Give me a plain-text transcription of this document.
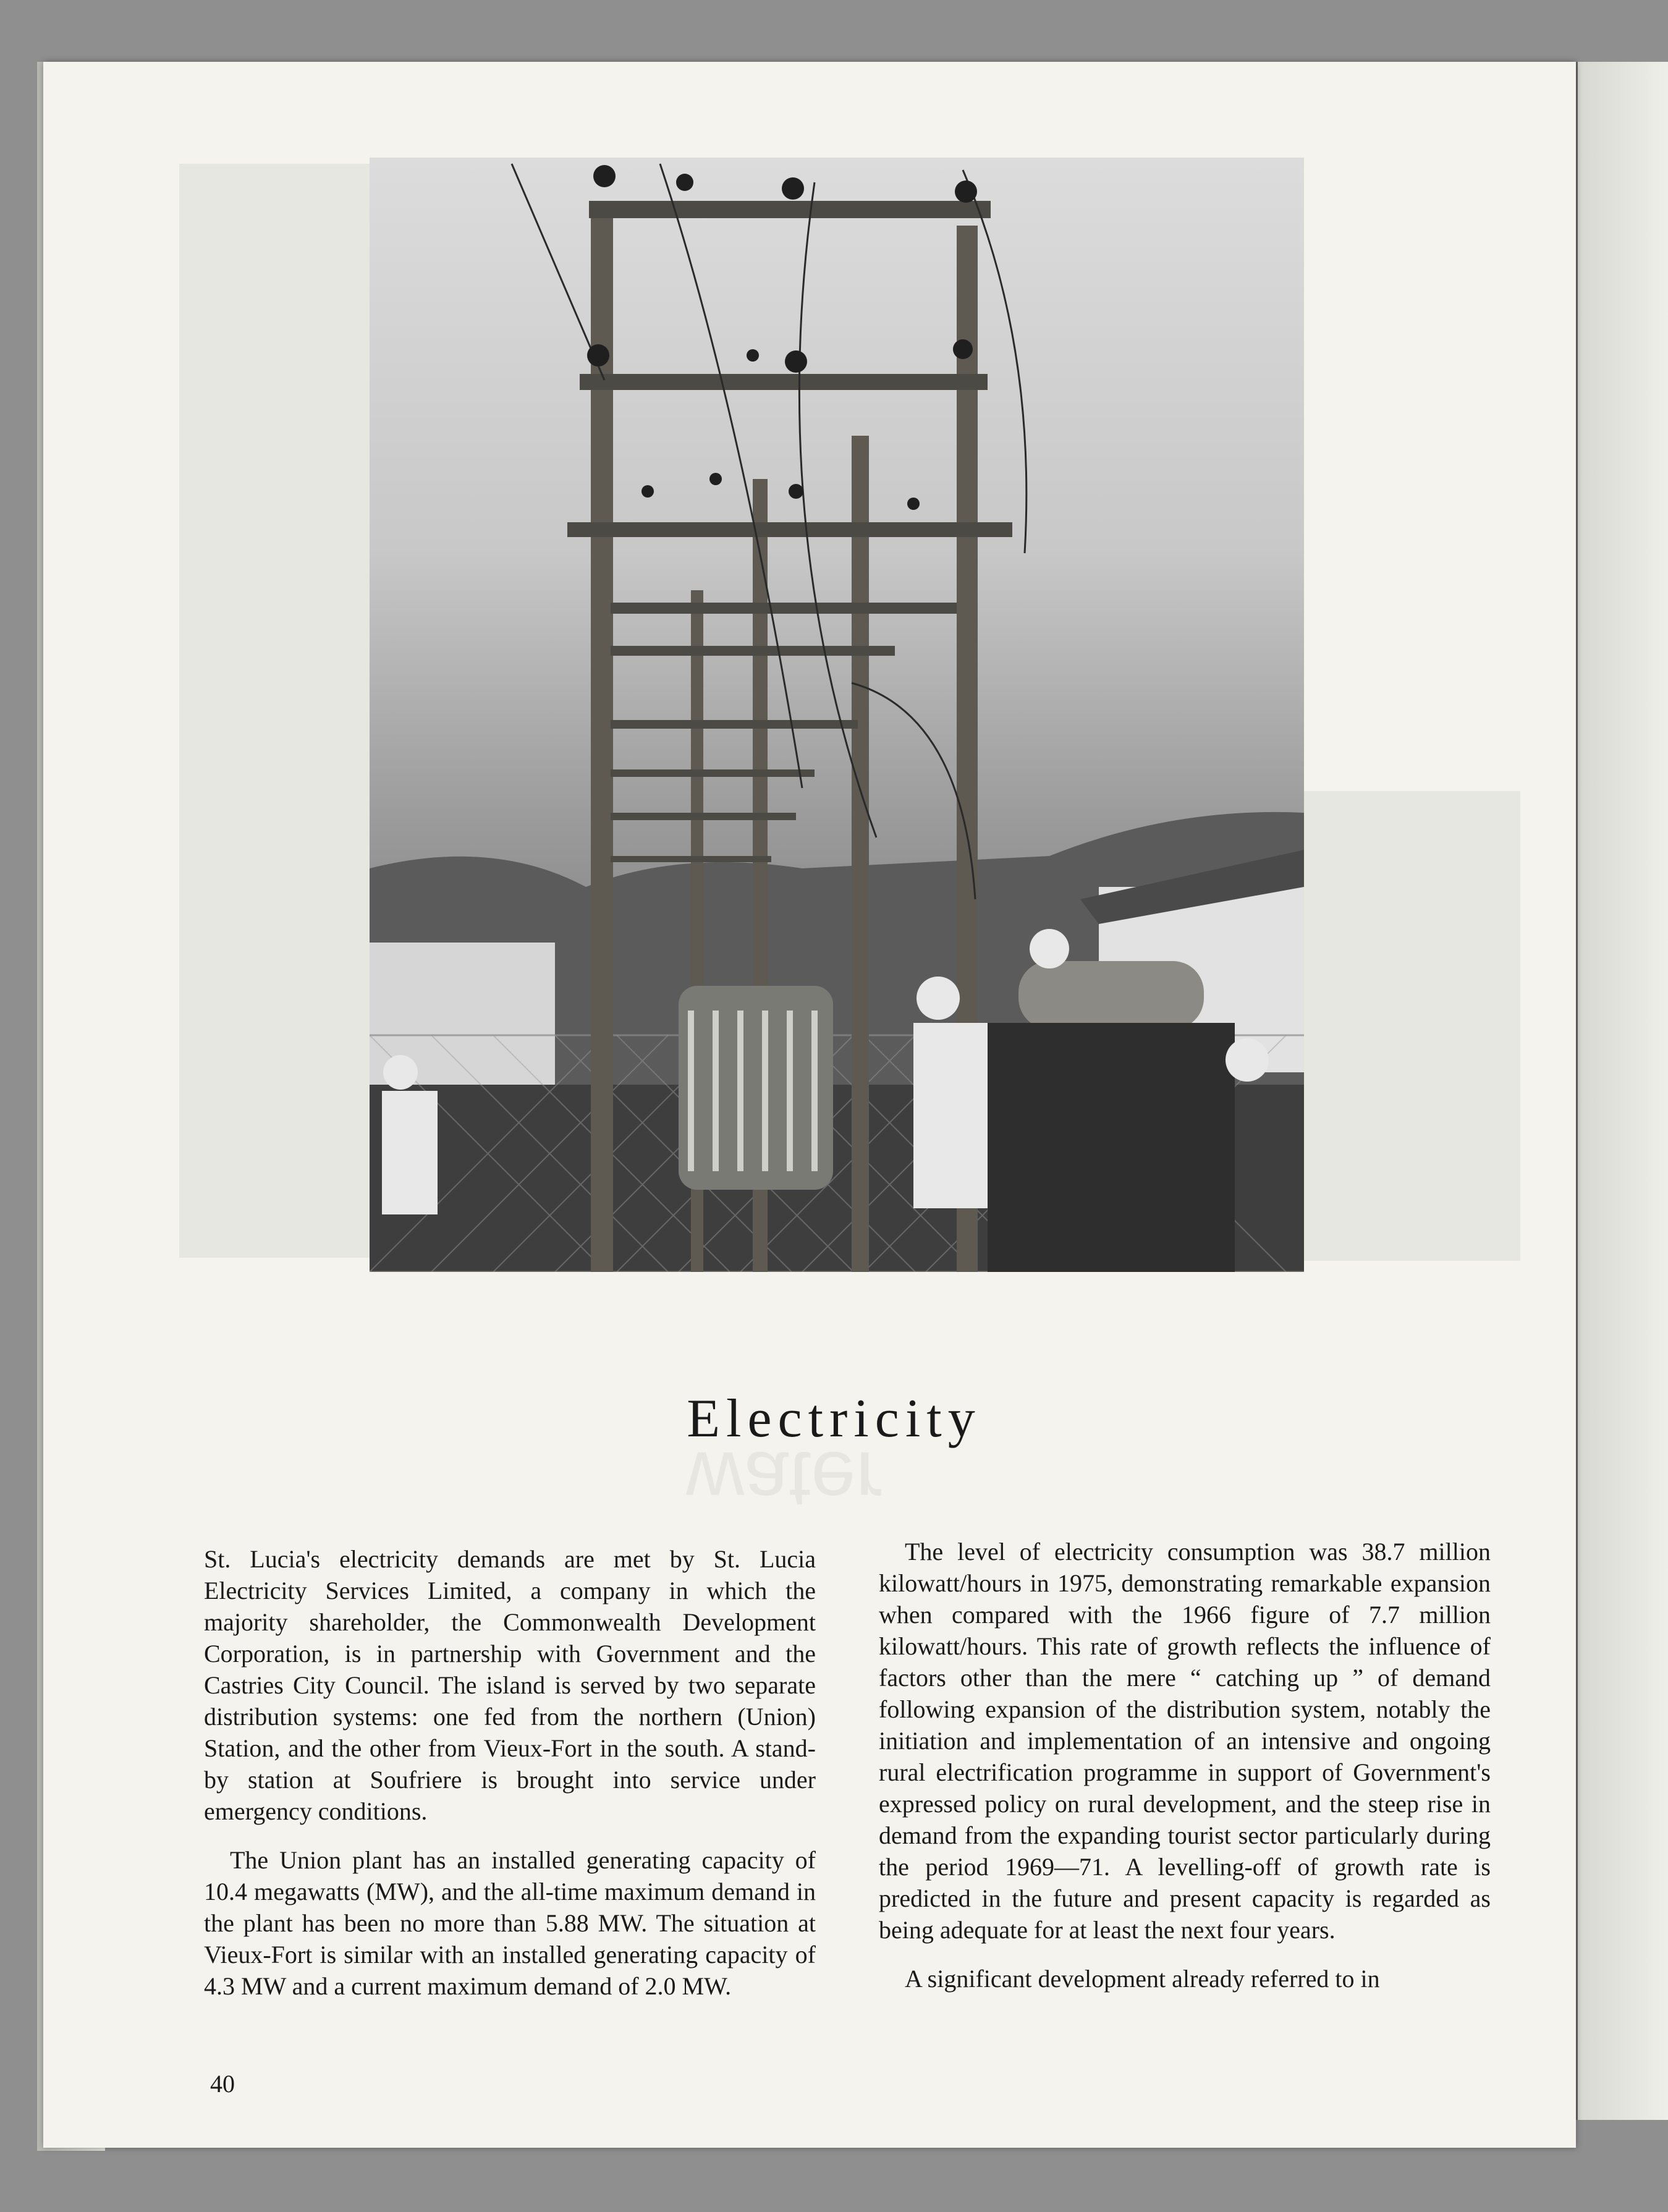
Electricity
water

St. Lucia's electricity demands are met by St. Lucia Electricity Services Limited, a company in which the majority shareholder, the Commonwealth Development Corporation, is in partnership with Government and the Castries City Council. The island is served by two separate distribution systems: one fed from the northern (Union) Station, and the other from Vieux-Fort in the south. A stand-by station at Soufriere is brought into service under emergency conditions.

The Union plant has an installed generating capacity of 10.4 megawatts (MW), and the all-time maximum demand in the plant has been no more than 5.88 MW. The situation at Vieux-Fort is similar with an installed generating capacity of 4.3 MW and a current maximum demand of 2.0 MW.

The level of electricity consumption was 38.7 million kilowatt/hours in 1975, demonstrating remarkable expansion when compared with the 1966 figure of 7.7 million kilowatt/hours. This rate of growth reflects the influence of factors other than the mere “ catching up ” of demand following expansion of the distribution system, notably the initiation and implementation of an intensive and ongoing rural electrification programme in support of Government's expressed policy on rural development, and the steep rise in demand from the expanding tourist sector particularly during the period 1969—71. A levelling-off of growth rate is predicted in the future and present capacity is regarded as being adequate for at least the next four years.

A significant development already referred to in

40
